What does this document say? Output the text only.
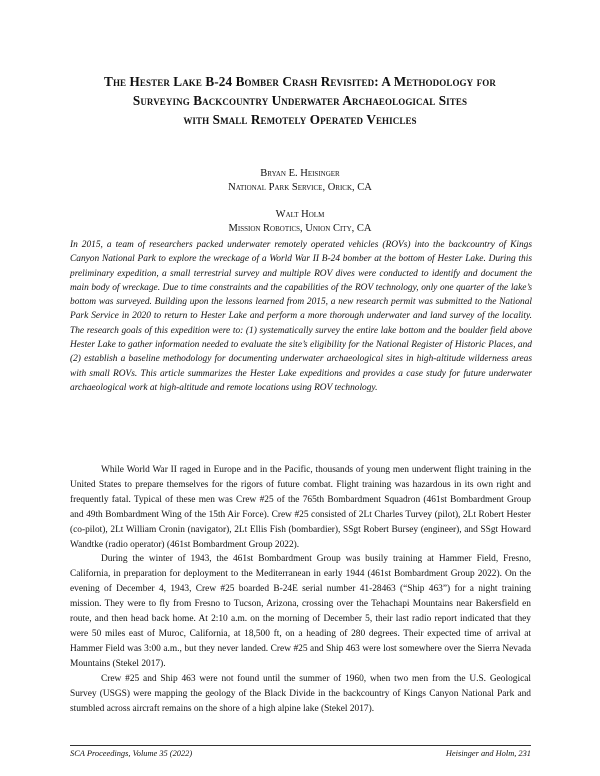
The Hester Lake B-24 Bomber Crash Revisited: A Methodology for
Surveying Backcountry Underwater Archaeological Sites
with Small Remotely Operated Vehicles
Bryan E. Heisinger
National Park Service, Orick, CA
Walt Holm
Mission Robotics, Union City, CA
In 2015, a team of researchers packed underwater remotely operated vehicles (ROVs) into the backcountry of Kings Canyon National Park to explore the wreckage of a World War II B-24 bomber at the bottom of Hester Lake. During this preliminary expedition, a small terrestrial survey and multiple ROV dives were conducted to identify and document the main body of wreckage. Due to time constraints and the capabilities of the ROV technology, only one quarter of the lake’s bottom was surveyed. Building upon the lessons learned from 2015, a new research permit was submitted to the National Park Service in 2020 to return to Hester Lake and perform a more thorough underwater and land survey of the locality. The research goals of this expedition were to: (1) systematically survey the entire lake bottom and the boulder field above Hester Lake to gather information needed to evaluate the site’s eligibility for the National Register of Historic Places, and (2) establish a baseline methodology for documenting underwater archaeological sites in high-altitude wilderness areas with small ROVs. This article summarizes the Hester Lake expeditions and provides a case study for future underwater archaeological work at high-altitude and remote locations using ROV technology.

While World War II raged in Europe and in the Pacific, thousands of young men underwent flight training in the United States to prepare themselves for the rigors of future combat. Flight training was hazardous in its own right and frequently fatal. Typical of these men was Crew #25 of the 765th Bombardment Squadron (461st Bombardment Group and 49th Bombardment Wing of the 15th Air Force). Crew #25 consisted of 2Lt Charles Turvey (pilot), 2Lt Robert Hester (co-pilot), 2Lt William Cronin (navigator), 2Lt Ellis Fish (bombardier), SSgt Robert Bursey (engineer), and SSgt Howard Wandtke (radio operator) (461st Bombardment Group 2022).

During the winter of 1943, the 461st Bombardment Group was busily training at Hammer Field, Fresno, California, in preparation for deployment to the Mediterranean in early 1944 (461st Bombardment Group 2022). On the evening of December 4, 1943, Crew #25 boarded B-24E serial number 41-28463 (“Ship 463”) for a night training mission. They were to fly from Fresno to Tucson, Arizona, crossing over the Tehachapi Mountains near Bakersfield en route, and then head back home. At 2:10 a.m. on the morning of December 5, their last radio report indicated that they were 50 miles east of Muroc, California, at 18,500 ft, on a heading of 280 degrees. Their expected time of arrival at Hammer Field was 3:00 a.m., but they never landed. Crew #25 and Ship 463 were lost somewhere over the Sierra Nevada Mountains (Stekel 2017).

Crew #25 and Ship 463 were not found until the summer of 1960, when two men from the U.S. Geological Survey (USGS) were mapping the geology of the Black Divide in the backcountry of Kings Canyon National Park and stumbled across aircraft remains on the shore of a high alpine lake (Stekel 2017).

SCA Proceedings, Volume 35 (2022)	Heisinger and Holm, 231
